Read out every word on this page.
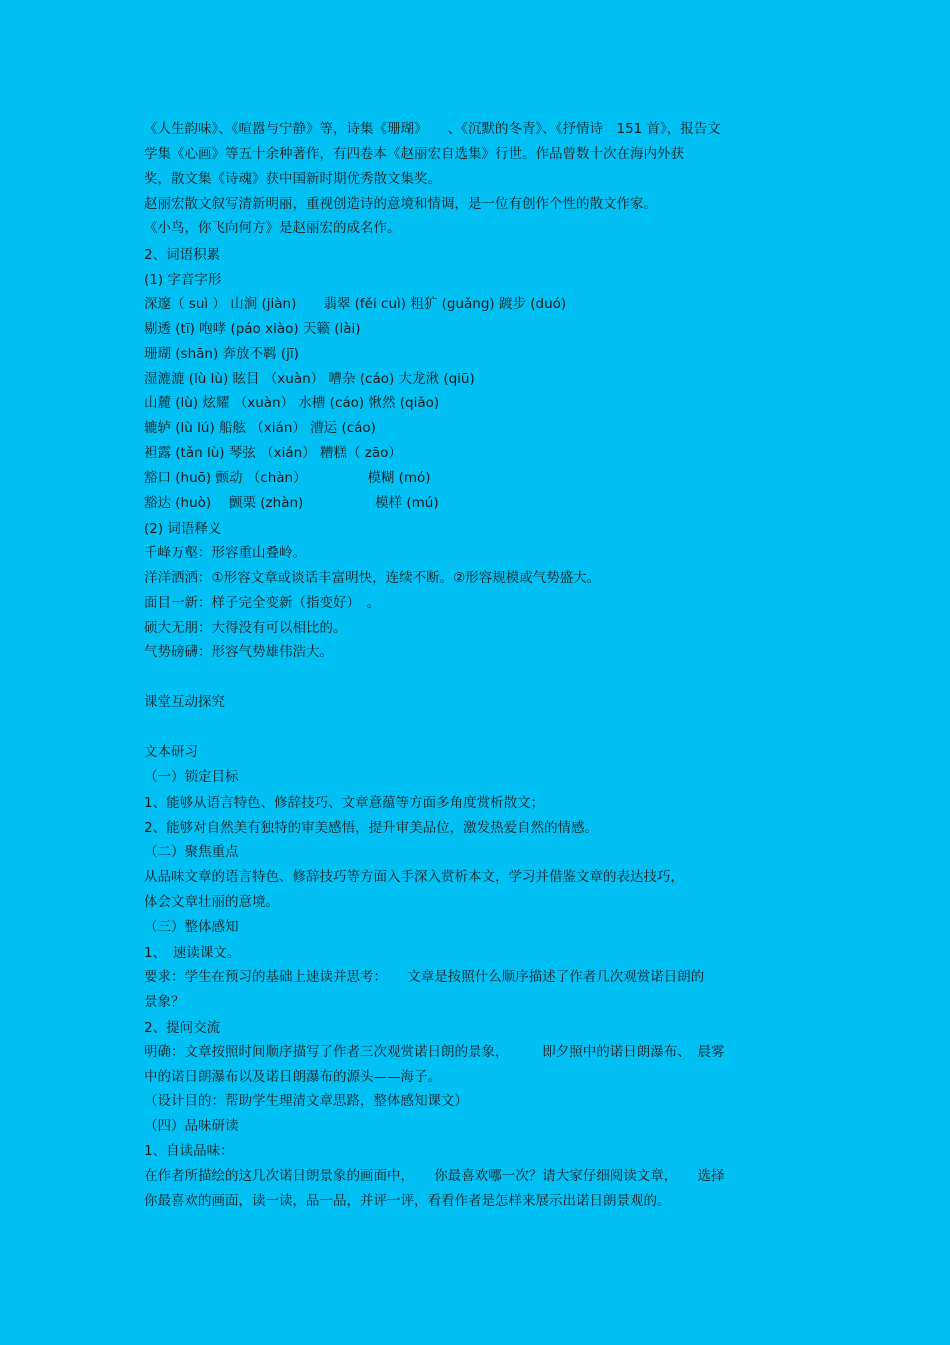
《人生韵味》、《喧嚣与宁静》等，诗集《珊瑚》　　、《沉默的冬青》、《抒情诗　151 首》，报告文
学集《心画》等五十余种著作，有四卷本《赵丽宏自选集》行世。作品曾数十次在海内外获
奖，散文集《诗魂》获中国新时期优秀散文集奖。
赵丽宏散文叙写清新明丽，重视创造诗的意境和情调，是一位有创作个性的散文作家。
《小鸟，你飞向何方》是赵丽宏的成名作。
2、词语积累
(1) 字音字形
深邃（ suì ） 山涧 (jiàn)　　翡翠 (fěi cuì) 粗犷 (guǎng) 踱步 (duó)
剔透 (tī) 咆哮 (páo xiào) 天籁 (lài)
珊瑚 (shān) 奔放不羁 (jī)
湿漉漉 (lù lù) 眩目 （xuàn） 嘈杂 (cáo) 大龙湫 (qiū)
山麓 (lù) 炫耀 （xuàn） 水槽 (cáo) 愀然 (qiǎo)
辘轳 (lù lú) 船舷 （xián） 漕运 (cáo)
袒露 (tǎn lù) 琴弦 （xián） 糟糕（ zāo）
豁口 (huō) 颤动 （chàn）　　　　　模糊 (mó)
豁达 (huò)　 颤栗 (zhàn)　　　　　 模样 (mú)
(2) 词语释义
千峰万壑：形容重山叠岭。
洋洋洒洒：①形容文章或谈话丰富明快，连续不断。②形容规模或气势盛大。
面目一新：样子完全变新（指变好）　。
硕大无朋：大得没有可以相比的。
气势磅礴：形容气势雄伟浩大。
课堂互动探究
文本研习
（一）锁定目标
1、能够从语言特色、修辞技巧、文章意蕴等方面多角度赏析散文；
2、能够对自然美有独特的审美感悟，提升审美品位，激发热爱自然的情感。
（二）聚焦重点
从品味文章的语言特色、修辞技巧等方面入手深入赏析本文，学习并借鉴文章的表达技巧，
体会文章壮丽的意境。
（三）整体感知
1、　速读课文。
要求：学生在预习的基础上速读并思考：　　文章是按照什么顺序描述了作者几次观赏诺日朗的
景象？
2、提问交流
明确：文章按照时间顺序描写了作者三次观赏诺日朗的景象，　　　即夕照中的诺日朗瀑布、　晨雾
中的诺日朗瀑布以及诺日朗瀑布的源头——海子。
（设计目的：帮助学生理清文章思路，整体感知课文）
（四）品味研读
1、自读品味：
在作者所描绘的这几次诺日朗景象的画面中，　　你最喜欢哪一次？请大家仔细阅读文章，　　选择
你最喜欢的画面，读一读，品一品，并评一评，看看作者是怎样来展示出诺日朗景观的。
